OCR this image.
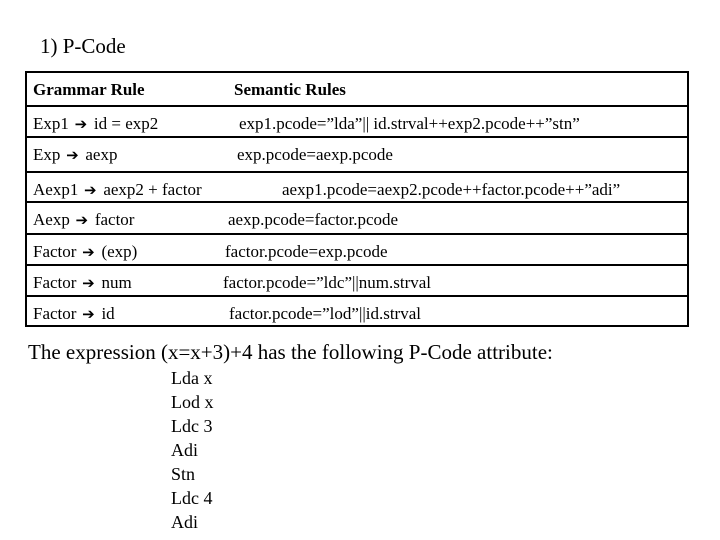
1) P-Code
Grammar Rule	Semantic Rules
Exp1 ➔ id = exp2	exp1.pcode=”lda”|| id.strval++exp2.pcode++”stn”
Exp ➔ aexp	exp.pcode=aexp.pcode
Aexp1 ➔ aexp2 + factor	aexp1.pcode=aexp2.pcode++factor.pcode++”adi”
Aexp ➔ factor	aexp.pcode=factor.pcode
Factor ➔ (exp)	factor.pcode=exp.pcode
Factor ➔ num	factor.pcode=”ldc”||num.strval
Factor ➔ id	factor.pcode=”lod”||id.strval
The expression (x=x+3)+4 has the following P-Code attribute:
Lda x
Lod x
Ldc 3
Adi
Stn
Ldc 4
Adi
